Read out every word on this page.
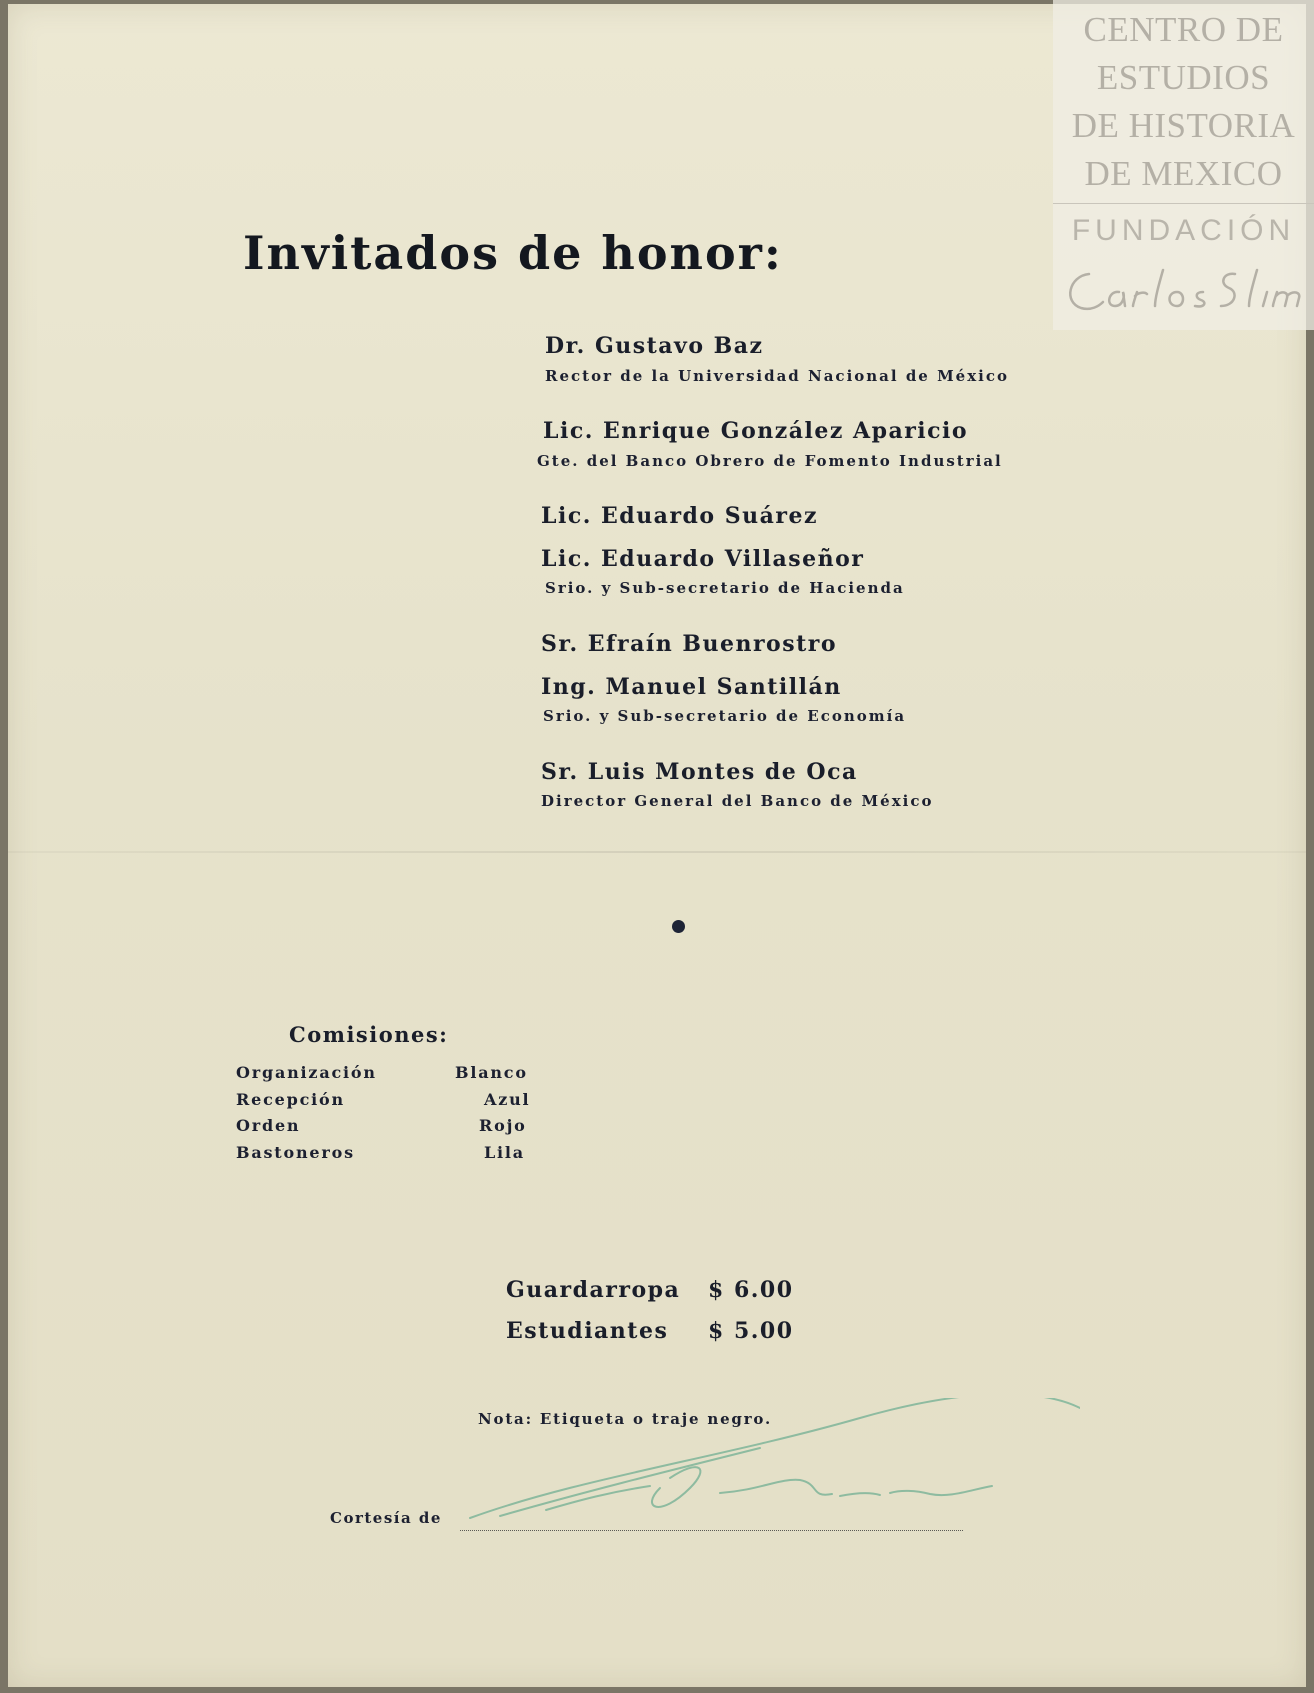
Invitados de honor:
Dr. Gustavo Baz
Rector de la Universidad Nacional de México
Lic. Enrique González Aparicio
Gte. del Banco Obrero de Fomento Industrial
Lic. Eduardo Suárez
Lic. Eduardo Villaseñor
Srio. y Sub-secretario de Hacienda
Sr. Efraín Buenrostro
Ing. Manuel Santillán
Srio. y Sub-secretario de Economía
Sr. Luis Montes de Oca
Director General del Banco de México
Comisiones:
Organización	Blanco
Recepción	Azul
Orden	Rojo
Bastoneros	Lila
Guardarropa $ 6.00
Estudiantes $ 5.00
Nota: Etiqueta o traje negro.
Cortesía de
CENTRO DE
ESTUDIOS
DE HISTORIA
DE MEXICO
FUNDACIÓN
